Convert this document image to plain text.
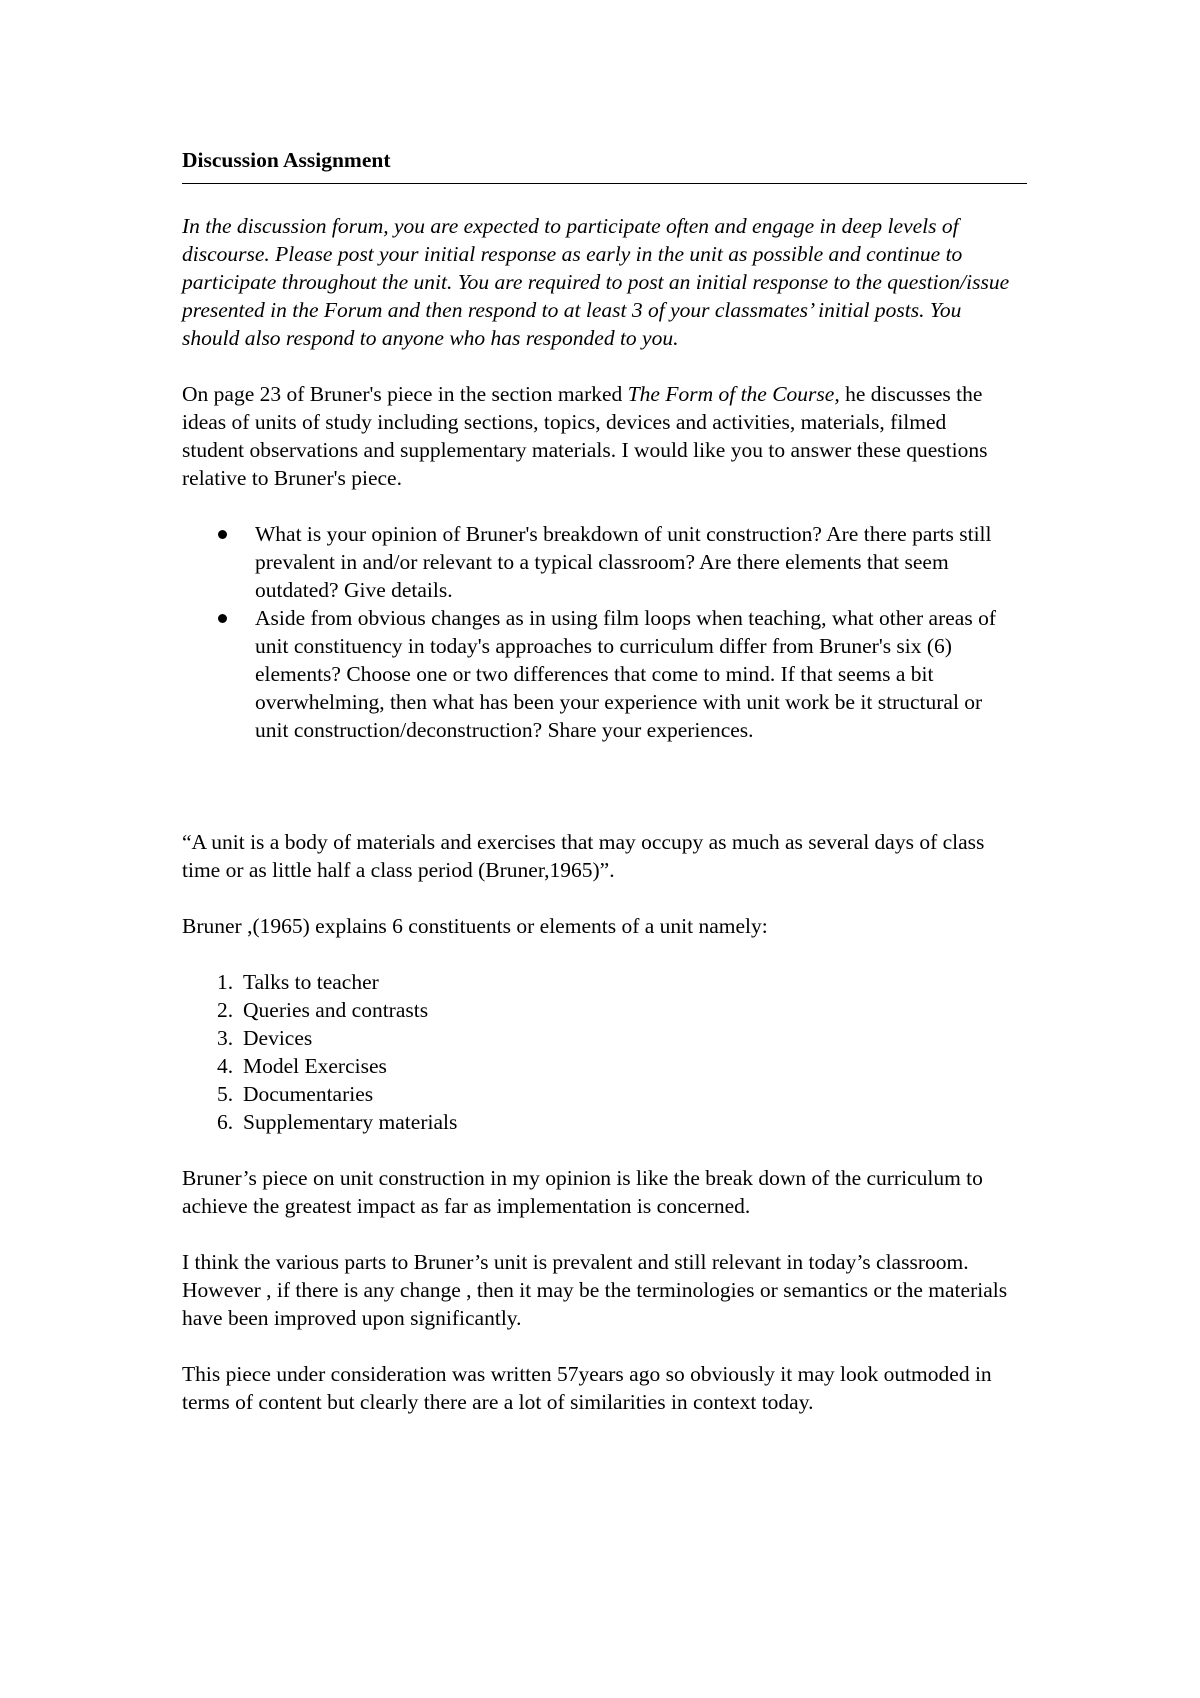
Discussion Assignment

In the discussion forum, you are expected to participate often and engage in deep levels of discourse. Please post your initial response as early in the unit as possible and continue to participate throughout the unit. You are required to post an initial response to the question/issue presented in the Forum and then respond to at least 3 of your classmates’ initial posts. You should also respond to anyone who has responded to you.

On page 23 of Bruner's piece in the section marked The Form of the Course, he discusses the ideas of units of study including sections, topics, devices and activities, materials, filmed student observations and supplementary materials. I would like you to answer these questions relative to Bruner's piece.

What is your opinion of Bruner's breakdown of unit construction? Are there parts still prevalent in and/or relevant to a typical classroom? Are there elements that seem outdated? Give details.
Aside from obvious changes as in using film loops when teaching, what other areas of unit constituency in today's approaches to curriculum differ from Bruner's six (6) elements? Choose one or two differences that come to mind. If that seems a bit overwhelming, then what has been your experience with unit work be it structural or unit construction/deconstruction? Share your experiences.

“A unit is a body of materials and exercises that may occupy as much as several days of class time or as little half a class period (Bruner,1965)”.

Bruner ,(1965) explains 6 constituents or elements of a unit namely:

1. Talks to teacher
2. Queries and contrasts
3. Devices
4. Model Exercises
5. Documentaries
6. Supplementary materials

Bruner’s piece on unit construction in my opinion is like the break down of the curriculum to achieve the greatest impact as far as implementation is concerned.

I think the various parts to Bruner’s unit is prevalent and still relevant in today’s classroom. However , if there is any change , then it may be the terminologies or semantics or the materials have been improved upon significantly.

This piece under consideration was written 57years ago so obviously it may look outmoded in terms of content but clearly there are a lot of similarities in context today.
